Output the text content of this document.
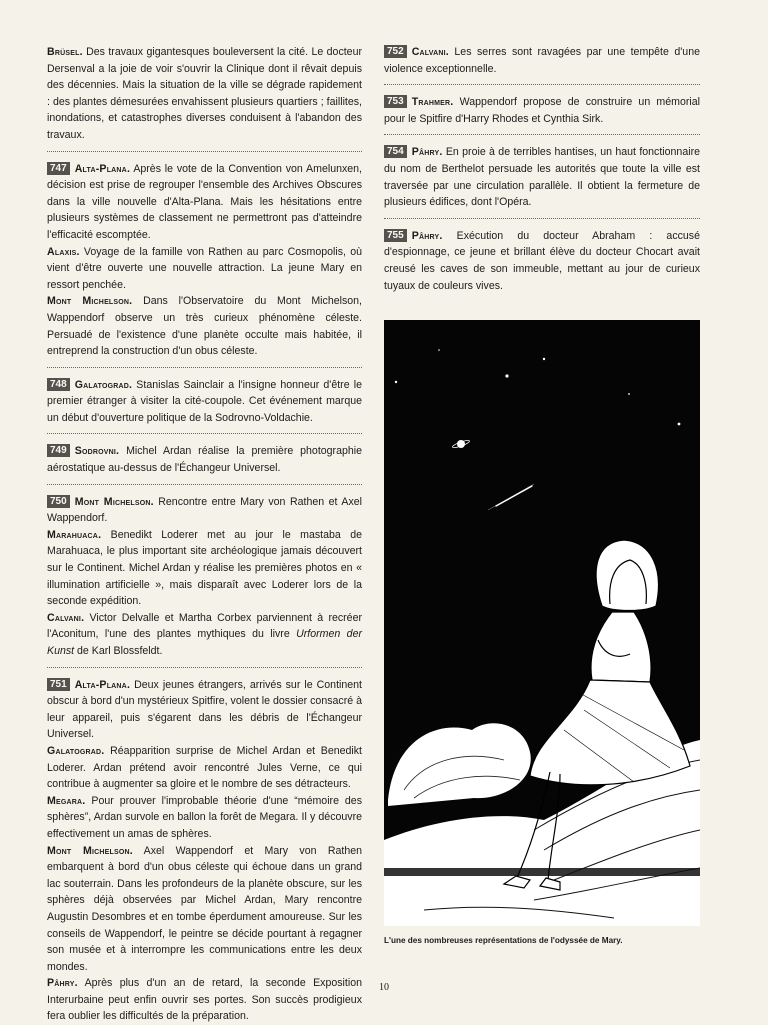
Brüsel. Des travaux gigantesques bouleversent la cité. Le docteur Dersenval a la joie de voir s'ouvrir la Clinique dont il rêvait depuis des décennies. Mais la situation de la ville se dégrade rapidement : des plantes démesurées envahissent plusieurs quartiers ; faillites, inondations, et catastrophes diverses conduisent à l'abandon des travaux.

747 Alta-Plana. Après le vote de la Convention von Amelunxen, décision est prise de regrouper l'ensemble des Archives Obscures dans la ville nouvelle d'Alta-Plana. Mais les hésitations entre plusieurs systèmes de classement ne permettront pas d'atteindre l'efficacité escomptée.

Alaxis. Voyage de la famille von Rathen au parc Cosmopolis, où vient d'être ouverte une nouvelle attraction. La jeune Mary en ressort penchée.

Mont Michelson. Dans l'Observatoire du Mont Michelson, Wappendorf observe un très curieux phénomène céleste. Persuadé de l'existence d'une planète occulte mais habitée, il entreprend la construction d'un obus céleste.

748 Galatograd. Stanislas Sainclair a l'insigne honneur d'être le premier étranger à visiter la cité-coupole. Cet événement marque un début d'ouverture politique de la Sodrovno-Voldachie.

749 Sodrovni. Michel Ardan réalise la première photographie aérostatique au-dessus de l'Échangeur Universel.

750 Mont Michelson. Rencontre entre Mary von Rathen et Axel Wappendorf.

Marahuaca. Benedikt Loderer met au jour le mastaba de Marahuaca, le plus important site archéologique jamais découvert sur le Continent. Michel Ardan y réalise les premières photos en « illumination artificielle », mais disparaît avec Loderer lors de la seconde expédition.

Calvani. Victor Delvalle et Martha Corbex parviennent à recréer l'Aconitum, l'une des plantes mythiques du livre Urformen der Kunst de Karl Blossfeldt.

751 Alta-Plana. Deux jeunes étrangers, arrivés sur le Continent obscur à bord d'un mystérieux Spitfire, volent le dossier consacré à leur appareil, puis s'égarent dans les débris de l'Échangeur Universel.

Galatograd. Réapparition surprise de Michel Ardan et Benedikt Loderer. Ardan prétend avoir rencontré Jules Verne, ce qui contribue à augmenter sa gloire et le nombre de ses détracteurs.

Megara. Pour prouver l'improbable théorie d'une “mémoire des sphères”, Ardan survole en ballon la forêt de Megara. Il y découvre effectivement un amas de sphères.

Mont Michelson. Axel Wappendorf et Mary von Rathen embarquent à bord d'un obus céleste qui échoue dans un grand lac souterrain. Dans les profondeurs de la planète obscure, sur les sphères déjà observées par Michel Ardan, Mary rencontre Augustin Desombres et en tombe éperdument amoureuse. Sur les conseils de Wappendorf, le peintre se décide pourtant à regagner son musée et à interrompre les communications entre les deux mondes.

Pâhry. Après plus d'un an de retard, la seconde Exposition Interurbaine peut enfin ouvrir ses portes. Son succès prodigieux fera oublier les difficultés de la préparation.

752 Calvani. Les serres sont ravagées par une tempête d'une violence exceptionnelle.

753 Trahmer. Wappendorf propose de construire un mémorial pour le Spitfire d'Harry Rhodes et Cynthia Sirk.

754 Pâhry. En proie à de terribles hantises, un haut fonctionnaire du nom de Berthelot persuade les autorités que toute la ville est traversée par une circulation parallèle. Il obtient la fermeture de plusieurs édifices, dont l'Opéra.

755 Pâhry. Exécution du docteur Abraham : accusé d'espionnage, ce jeune et brillant élève du docteur Chocart avait creusé les caves de son immeuble, mettant au jour de curieux tuyaux de couleurs vives.

L'une des nombreuses représentations de l'odyssée de Mary.
10
